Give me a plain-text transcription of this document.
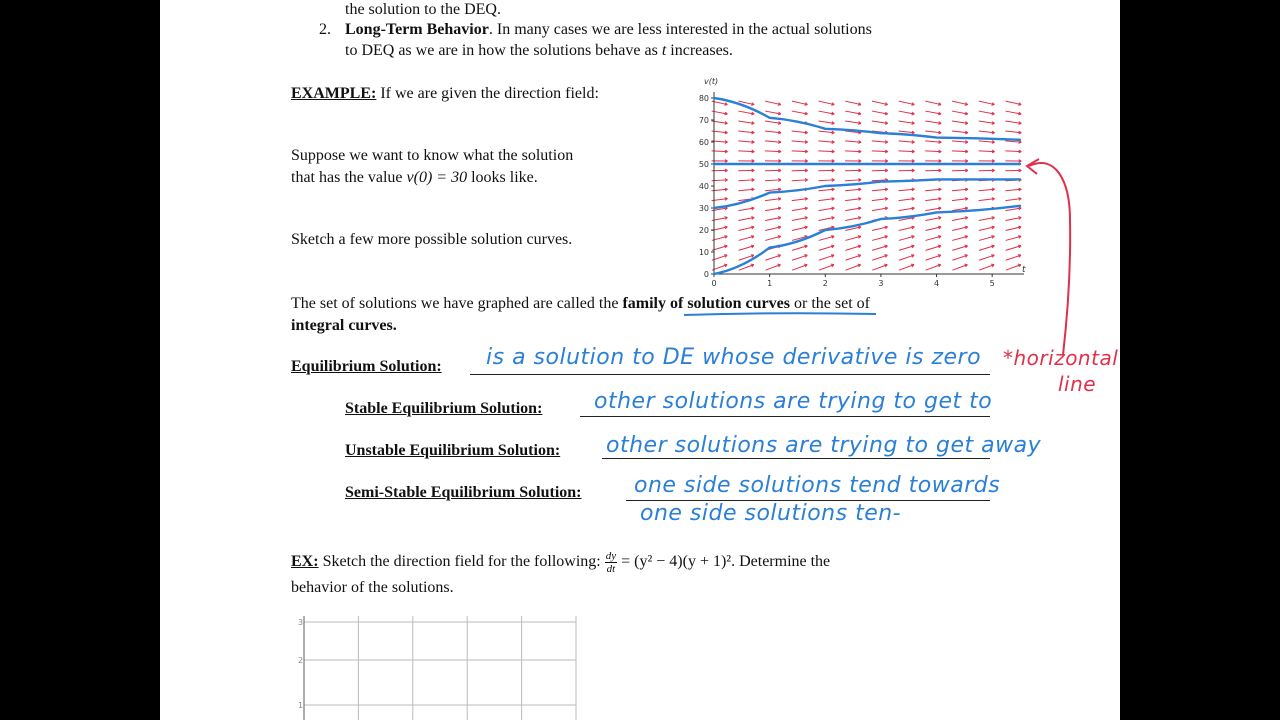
the solution to the DEQ.
2. Long-Term Behavior. In many cases we are less interested in the actual solutions
to DEQ as we are in how the solutions behave as t increases.
EXAMPLE: If we are given the direction field:
Suppose we want to know what the solution
that has the value v(0) = 30 looks like.
Sketch a few more possible solution curves.
80
70
60
50
40
30
20
10
0
0	1	2	3	4	5
v(t)
t
The set of solutions we have graphed are called the family of solution curves or the set of
integral curves.
Equilibrium Solution: is a solution to DE whose derivative is zero *horizontal
line
Stable Equilibrium Solution: other solutions are trying to get to
Unstable Equilibrium Solution: other solutions are trying to get away
Semi-Stable Equilibrium Solution: one side solutions tend towards
one side solutions ten-
EX: Sketch the direction field for the following: $\frac{dy}{dt} = (y^2 - 4)(y + 1)^2$. Determine the
behavior of the solutions.
3
2
1
